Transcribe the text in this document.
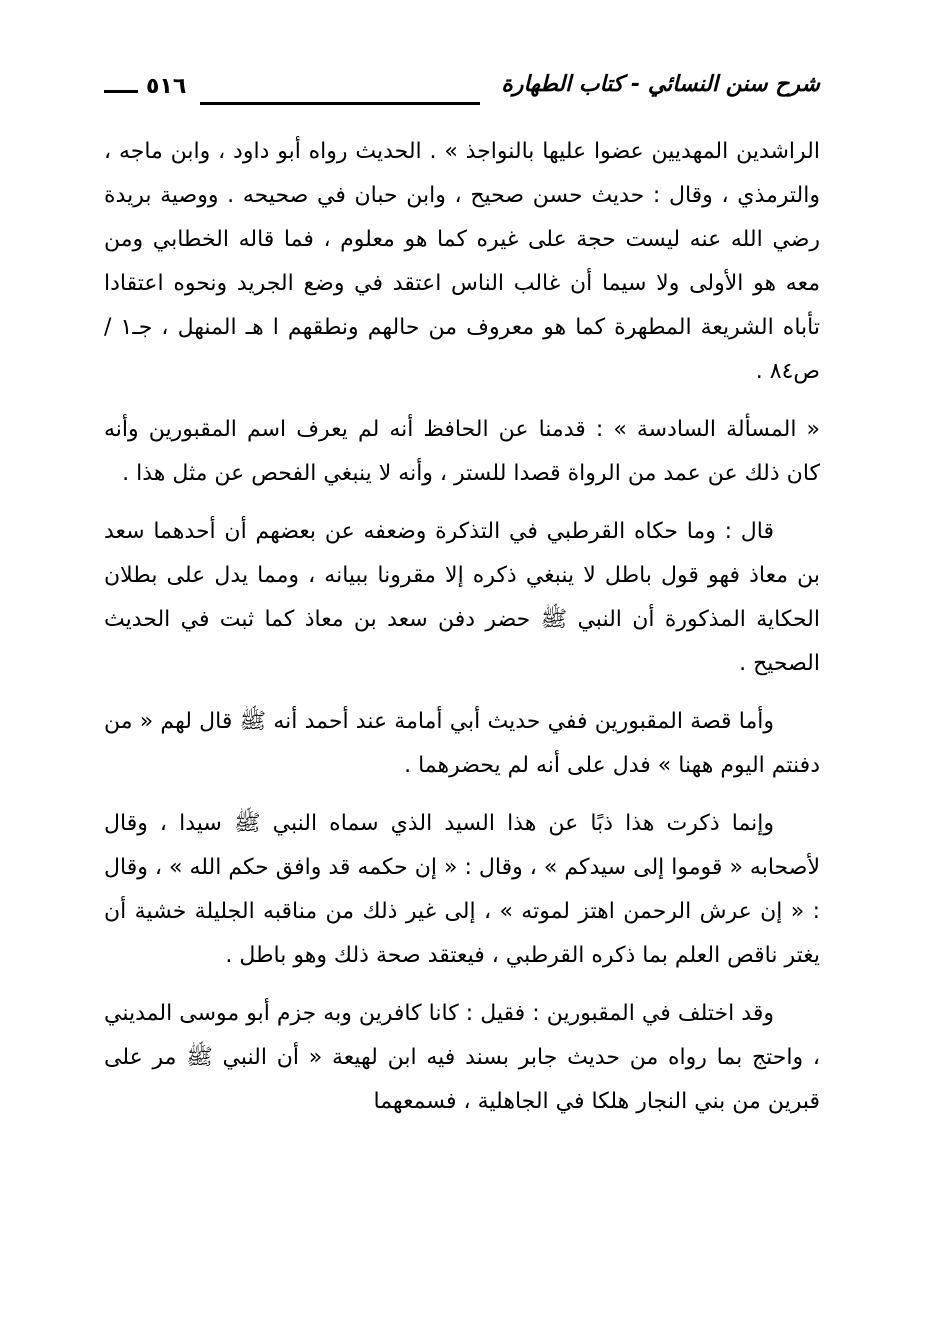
شرح سنن النسائي - كتاب الطهارة
٥١٦

الراشدين المهديين عضوا عليها بالنواجذ » . الحديث رواه أبو داود ، وابن ماجه ، والترمذي ، وقال : حديث حسن صحيح ، وابن حبان في صحيحه . ووصية بريدة رضي الله عنه ليست حجة على غيره كما هو معلوم ، فما قاله الخطابي ومن معه هو الأولى ولا سيما أن غالب الناس اعتقد في وضع الجريد ونحوه اعتقادا تأباه الشريعة المطهرة كما هو معروف من حالهم ونطقهم ا هـ المنهل ، جـ١ / ص٨٤ .

« المسألة السادسة » : قدمنا عن الحافظ أنه لم يعرف اسم المقبورين وأنه كان ذلك عن عمد من الرواة قصدا للستر ، وأنه لا ينبغي الفحص عن مثل هذا .

قال : وما حكاه القرطبي في التذكرة وضعفه عن بعضهم أن أحدهما سعد بن معاذ فهو قول باطل لا ينبغي ذكره إلا مقرونا ببيانه ، ومما يدل على بطلان الحكاية المذكورة أن النبي ﷺ حضر دفن سعد بن معاذ كما ثبت في الحديث الصحيح .

وأما قصة المقبورين ففي حديث أبي أمامة عند أحمد أنه ﷺ قال لهم « من دفنتم اليوم ههنا » فدل على أنه لم يحضرهما .

وإنما ذكرت هذا ذبًا عن هذا السيد الذي سماه النبي ﷺ سيدا ، وقال لأصحابه « قوموا إلى سيدكم » ، وقال : « إن حكمه قد وافق حكم الله » ، وقال : « إن عرش الرحمن اهتز لموته » ، إلى غير ذلك من مناقبه الجليلة خشية أن يغتر ناقص العلم بما ذكره القرطبي ، فيعتقد صحة ذلك وهو باطل .

وقد اختلف في المقبورين : فقيل : كانا كافرين وبه جزم أبو موسى المديني ، واحتج بما رواه من حديث جابر بسند فيه ابن لهيعة « أن النبي ﷺ مر على قبرين من بني النجار هلكا في الجاهلية ، فسمعهما
